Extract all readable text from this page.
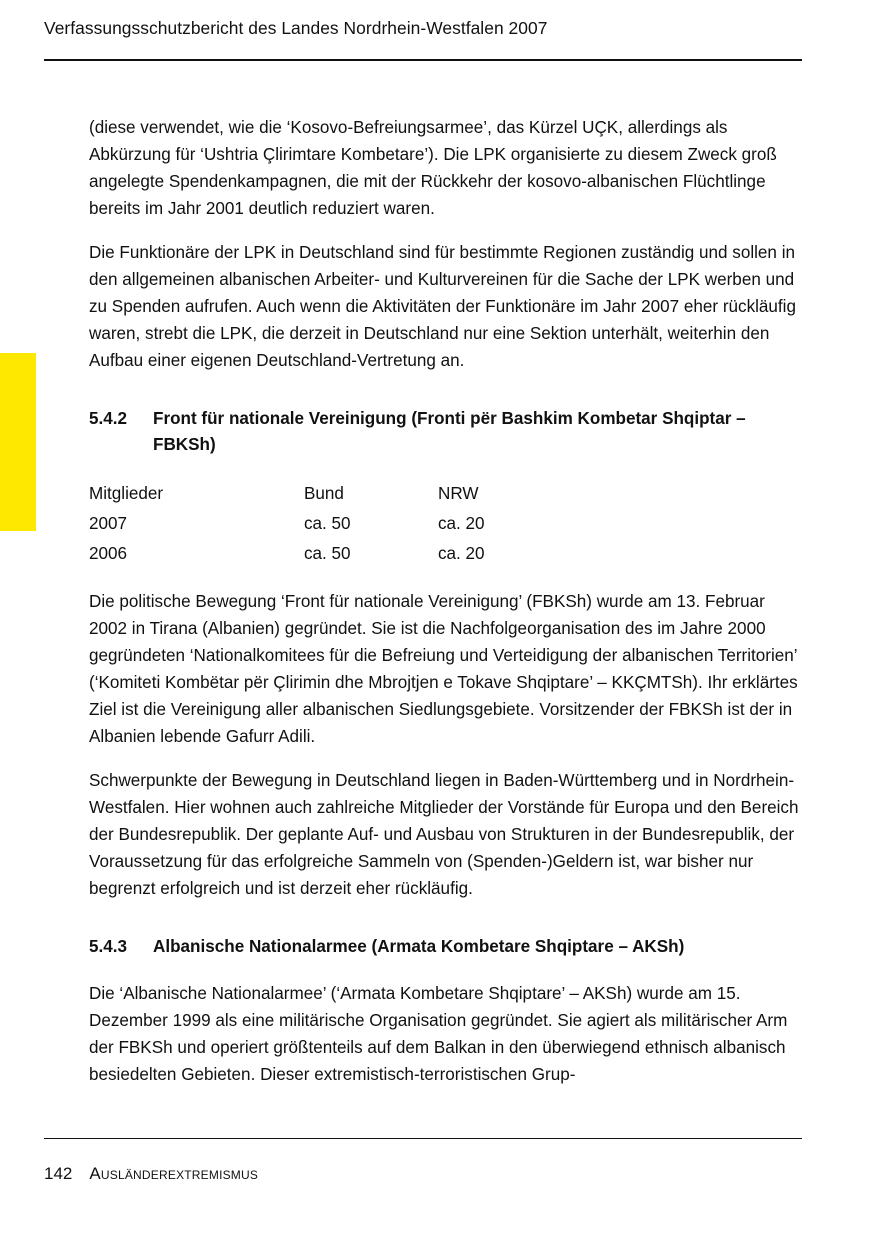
Verfassungsschutzbericht des Landes Nordrhein-Westfalen 2007

(diese verwendet, wie die ‘Kosovo-Befreiungsarmee’, das Kürzel UÇK, allerdings als Abkürzung für ‘Ushtria Çlirimtare Kombetare’). Die LPK organisierte zu diesem Zweck groß angelegte Spendenkampagnen, die mit der Rückkehr der kosovo-albanischen Flüchtlinge bereits im Jahr 2001 deutlich reduziert waren.

Die Funktionäre der LPK in Deutschland sind für bestimmte Regionen zuständig und sollen in den allgemeinen albanischen Arbeiter- und Kulturvereinen für die Sache der LPK werben und zu Spenden aufrufen. Auch wenn die Aktivitäten der Funktionäre im Jahr 2007 eher rückläufig waren, strebt die LPK, die derzeit in Deutschland nur eine Sektion unterhält, weiterhin den Aufbau einer eigenen Deutschland-Vertretung an.

5.4.2	Front für nationale Vereinigung (Fronti për Bashkim Kombetar Shqiptar – FBKSh)
Mitglieder	Bund	NRW
2007	ca. 50	ca. 20
2006	ca. 50	ca. 20

Die politische Bewegung ‘Front für nationale Vereinigung’ (FBKSh) wurde am 13. Februar 2002 in Tirana (Albanien) gegründet. Sie ist die Nachfolgeorganisation des im Jahre 2000 gegründeten ‘Nationalkomitees für die Befreiung und Verteidigung der albanischen Territorien’ (‘Komiteti Kombëtar për Çlirimin dhe Mbrojtjen e Tokave Shqiptare’ – KKÇMTSh). Ihr erklärtes Ziel ist die Vereinigung aller albanischen Siedlungsgebiete. Vorsitzender der FBKSh ist der in Albanien lebende Gafurr Adili.

Schwerpunkte der Bewegung in Deutschland liegen in Baden-Württemberg und in Nordrhein-Westfalen. Hier wohnen auch zahlreiche Mitglieder der Vorstände für Europa und den Bereich der Bundesrepublik. Der geplante Auf- und Ausbau von Strukturen in der Bundesrepublik, der Voraussetzung für das erfolgreiche Sammeln von (Spenden-)Geldern ist, war bisher nur begrenzt erfolgreich und ist derzeit eher rückläufig.

5.4.3	Albanische Nationalarmee (Armata Kombetare Shqiptare – AKSh)

Die ‘Albanische Nationalarmee’ (‘Armata Kombetare Shqiptare’ – AKSh) wurde am 15. Dezember 1999 als eine militärische Organisation gegründet. Sie agiert als militärischer Arm der FBKSh und operiert größtenteils auf dem Balkan in den überwiegend ethnisch albanisch besiedelten Gebieten. Dieser extremistisch-terroristischen Grup-

142 Ausländerextremismus
